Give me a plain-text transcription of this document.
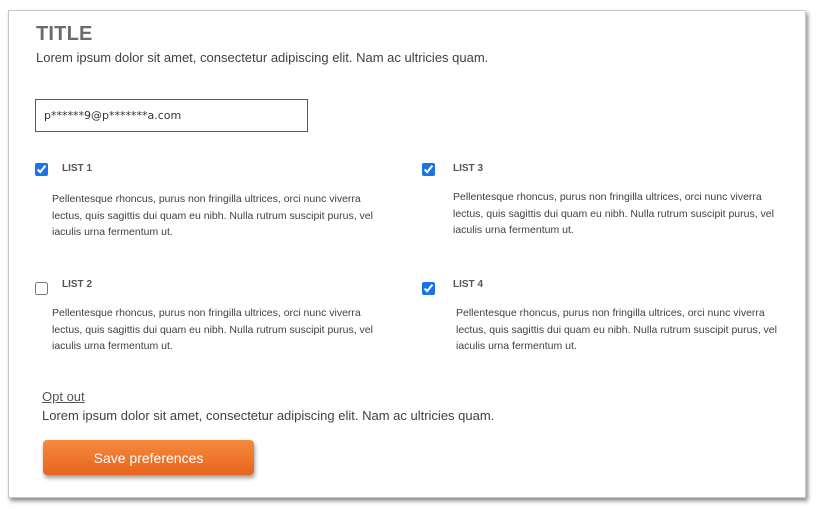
TITLE
Lorem ipsum dolor sit amet, consectetur adipiscing elit. Nam ac ultricies quam.
p******9@p*******a.com
LIST 1
Pellentesque rhoncus, purus non fringilla ultrices, orci nunc viverra lectus, quis sagittis dui quam eu nibh. Nulla rutrum suscipit purus, vel iaculis urna fermentum ut.
LIST 3
Pellentesque rhoncus, purus non fringilla ultrices, orci nunc viverra lectus, quis sagittis dui quam eu nibh. Nulla rutrum suscipit purus, vel iaculis urna fermentum ut.
LIST 2
Pellentesque rhoncus, purus non fringilla ultrices, orci nunc viverra lectus, quis sagittis dui quam eu nibh. Nulla rutrum suscipit purus, vel iaculis urna fermentum ut.
LIST 4
Pellentesque rhoncus, purus non fringilla ultrices, orci nunc viverra lectus, quis sagittis dui quam eu nibh. Nulla rutrum suscipit purus, vel iaculis urna fermentum ut.
Opt out
Lorem ipsum dolor sit amet, consectetur adipiscing elit. Nam ac ultricies quam.
Save preferences
